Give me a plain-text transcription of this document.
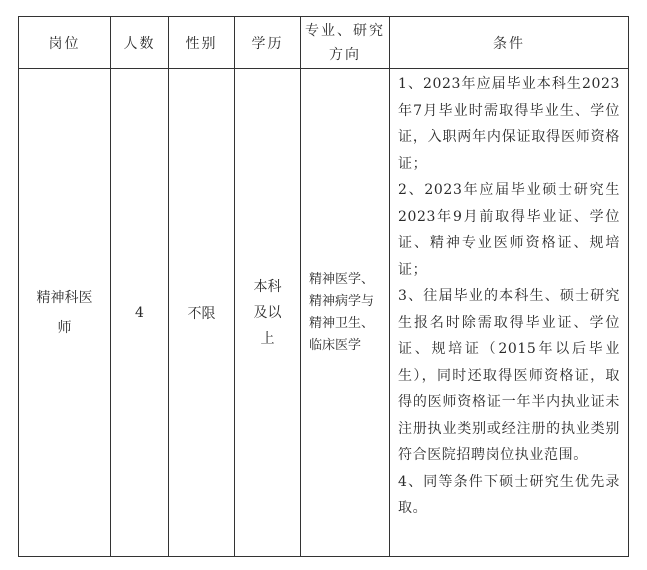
岗位	人数	性别	学历	专业、研究方向	条件
精神科医师	4	不限	本科及以上	精神医学、精神病学与精神卫生、临床医学	1、2023年应届毕业本科生2023年7月毕业时需取得毕业生、学位证，入职两年内保证取得医师资格证；
2、2023年应届毕业硕士研究生2023年9月前取得毕业证、学位证、精神专业医师资格证、规培证；
3、往届毕业的本科生、硕士研究生报名时除需取得毕业证、学位证、规培证（2015年以后毕业生），同时还取得医师资格证，取得的医师资格证一年半内执业证未注册执业类别或经注册的执业类别符合医院招聘岗位执业范围。
4、同等条件下硕士研究生优先录取。
